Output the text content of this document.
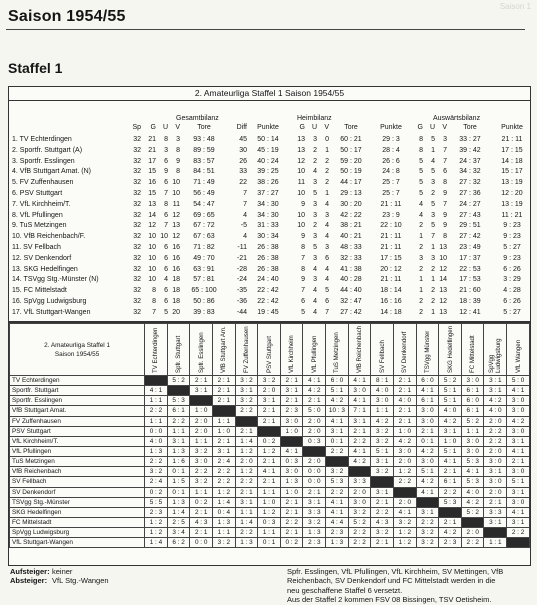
Saison 1
Saison 1954/55
Staffel 1
2. Amateurliga Staffel 1 Saison 1954/55
Gesamtbilanz	Heimbilanz	Auswärtsbilanz
Sp	G U	V	Tore	Diff	Punkte	G U	V	Tore	Punkte	G U	V	Tore	Punkte
1. TV Echterdingen	32	21	8	3	93 : 48	45	50 : 14	13	3	0	60 : 21	29 : 3	8	5	3	33 : 27	21 : 11
2. Sportfr. Stuttgart (A)	32	21	3	8	89 : 59	30	45 : 19	13	2	1	50 : 17	28 : 4	8	1	7	39 : 42	17 : 15
3. Sportfr. Esslingen	32	17	6	9	83 : 57	26	40 : 24	12	2	2	59 : 20	26 : 6	5	4	7	24 : 37	14 : 18
4. VfB Stuttgart Amat. (N)	32	15	9	8	84 : 51	33	39 : 25	10	4	2	50 : 19	24 : 8	5	5	6	34 : 32	15 : 17
5. FV Zuffenhausen	32	16	6 10	71 : 49	22	38 : 26	11	3	2	44 : 17	25 : 7	5	3	8	27 : 32	13 : 19
6. PSV Stuttgart	32	15	7 10	56 : 49	7	37 : 27	10	5	1	29 : 13	25 : 7	5	2	9	27 : 36	12 : 20
7. VfL Kirchheim/T.	32	13	8 11	54 : 47	7	34 : 30	9	3	4	30 : 20	21 : 11	4	5	7	24 : 27	13 : 19
8. VfL Pfullingen	32	14	6 12	69 : 65	4	34 : 30	10	3	3	42 : 22	23 : 9	4	3	9	27 : 43	11 : 21
9. TuS Metzingen	32	12	7 13	67 : 72	-5	31 : 33	10	2	4	38 : 21	22 : 10	2	5	9	29 : 51	9 : 23
10. VfB Reichenbach/F.	32	10 10 12	67 : 63	4	30 : 34	9	3	4	40 : 21	21 : 11	1	7	8	27 : 42	9 : 23
11. SV Fellbach	32	10	6 16	71 : 82	-11	26 : 38	8	5	3	48 : 33	21 : 11	2	1 13	23 : 49	5 : 27
12. SV Denkendorf	32	10	6 16	49 : 70	-21	26 : 38	7	3	6	32 : 33	17 : 15	3	3 10	17 : 37	9 : 23
13. SKG Hedelfingen	32	10	6 16	63 : 91	-28	26 : 38	8	4	4	41 : 38	20 : 12	2	2 12	22 : 53	6 : 26
14. TSVgg Stg.-Münster (N)	32	10	4 18	57 : 81	-24	24 : 40	9	3	4	40 : 28	21 : 11	1	1 14	17 : 53	3 : 29
15. FC Mittelstadt	32	8	6 18	65 : 100	-35	22 : 42	7	4	5	44 : 40	18 : 14	1	2 13	21 : 60	4 : 28
16. SpVgg Ludwigsburg	32	8	6 18	50 : 86	-36	22 : 42	6	4	6	32 : 47	16 : 16	2	2 12	18 : 39	6 : 26
17. VfL Stuttgart-Wangen	32	7	5 20	39 : 83	-44	19 : 45	5	4	7	27 : 42	14 : 18	2	1 13	12 : 41	5 : 27
2. Amateurliga Staffel 1
Saison 1954/55	TV Echterdingen	Spfr. Stuttgart	Spfr. Esslingen	VfB Stuttgart Am.	FV Zuffenhausen	PSV Stuttgart	VfL Kirchheim	VfL Pfullingen	TuS Metzingen	VfB Reichenbach	SV Fellbach	SV Denkendorf	TSVgg Münster	SKG Hedelfingen	FC Mittelstadt	SpVgg Ludwigsburg	VfL Wangen
TV Echterdingen		5 : 2	2 : 1	2 : 1	3 : 2	3 : 2	2 : 1	4 : 1	6 : 0	4 : 1	8 : 1	2 : 1	6 : 0	5 : 2	3 : 0	3 : 1	5 : 0
Sportfr. Stuttgart	4 : 1		3 : 1	2 : 1	3 : 1	2 : 0	3 : 1	4 : 2	5 : 1	3 : 0	4 : 0	2 : 1	4 : 1	5 : 1	6 : 1	3 : 1	4 : 1
Sportfr. Esslingen	1 : 1	5 : 3		2 : 1	3 : 2	3 : 1	2 : 1	2 : 1	4 : 2	4 : 1	3 : 0	4 : 0	6 : 1	5 : 1	6 : 0	4 : 2	3 : 0
VfB Stuttgart Amat.	2 : 2	6 : 1	1 : 0		2 : 2	2 : 1	2 : 3	5 : 0	10 : 3	7 : 1	1 : 1	2 : 1	3 : 0	4 : 0	6 : 1	4 : 0	3 : 0
FV Zuffenhausen	1 : 1	2 : 2	2 : 0	1 : 1		2 : 1	3 : 0	2 : 0	4 : 1	3 : 1	4 : 2	2 : 1	3 : 0	4 : 2	5 : 2	2 : 0	4 : 2
PSV Stuttgart	0 : 0	1 : 1	2 : 0	1 : 0	2 : 1		1 : 0	2 : 0	3 : 1	2 : 1	3 : 2	1 : 0	2 : 1	3 : 1	1 : 1	2 : 2	3 : 0
VfL Kirchheim/T.	4 : 0	3 : 1	1 : 1	2 : 1	1 : 4	0 : 2		0 : 3	0 : 1	2 : 2	3 : 2	4 : 2	0 : 1	1 : 0	3 : 0	2 : 2	3 : 1
VfL Pfullingen	1 : 3	1 : 3	3 : 2	3 : 1	1 : 2	1 : 2	4 : 1		2 : 2	4 : 1	5 : 1	3 : 0	4 : 2	5 : 1	3 : 0	2 : 0	4 : 1
TuS Metzingen	2 : 2	1 : 6	3 : 0	2 : 4	2 : 0	2 : 1	0 : 3	2 : 0		4 : 2	3 : 1	2 : 0	3 : 0	4 : 1	5 : 3	3 : 0	2 : 1
VfB Reichenbach	3 : 2	0 : 1	2 : 2	2 : 2	1 : 2	4 : 1	3 : 0	0 : 0	3 : 2		3 : 2	1 : 2	5 : 1	2 : 1	4 : 1	3 : 1	3 : 0
SV Fellbach	2 : 4	1 : 5	3 : 2	2 : 2	2 : 2	2 : 1	1 : 3	0 : 0	5 : 3	3 : 3		2 : 2	4 : 2	6 : 1	5 : 3	3 : 0	5 : 1
SV Denkendorf	0 : 2	0 : 1	1 : 1	1 : 2	2 : 1	1 : 1	1 : 0	2 : 1	2 : 2	2 : 0	3 : 1		4 : 1	2 : 2	4 : 0	2 : 0	3 : 1
TSVgg Stg.-Münster	5 : 5	1 : 3	0 : 2	1 : 4	3 : 1	1 : 0	2 : 1	3 : 1	4 : 1	3 : 0	2 : 1	2 : 0		5 : 3	4 : 2	2 : 1	3 : 0
SKG Hedelfingen	2 : 3	1 : 4	2 : 1	0 : 4	1 : 1	1 : 2	2 : 1	3 : 3	4 : 1	3 : 2	2 : 2	4 : 1	3 : 1		5 : 2	3 : 3	4 : 1
FC Mittelstadt	1 : 2	2 : 5	4 : 3	1 : 3	1 : 4	0 : 3	2 : 2	3 : 2	4 : 4	5 : 2	4 : 3	3 : 2	2 : 2	2 : 1		3 : 1	3 : 1
SpVgg Ludwigsburg	1 : 2	3 : 4	2 : 1	1 : 1	2 : 2	1 : 1	2 : 1	1 : 3	2 : 3	2 : 2	3 : 2	1 : 2	3 : 2	4 : 2	2 : 0		2 : 2
VfL Stuttgart-Wangen	1 : 4	6 : 2	0 : 0	3 : 2	1 : 3	0 : 1	0 : 2	2 : 3	1 : 3	2 : 2	2 : 1	1 : 2	3 : 2	2 : 3	2 : 2	1 : 1	
Aufsteiger: keiner
Absteiger: VfL Stg.-Wangen
Spfr. Esslingen, VfL Pfullingen, VfL Kirchheim, SV Mettingen, VfB
Reichenbach, SV Denkendorf und FC Mittelstadt werden in die
neu geschaffene Staffel 6 versetzt.
Aus der Staffel 2 kommen FSV 08 Bissingen, TSV Oetisheim.
